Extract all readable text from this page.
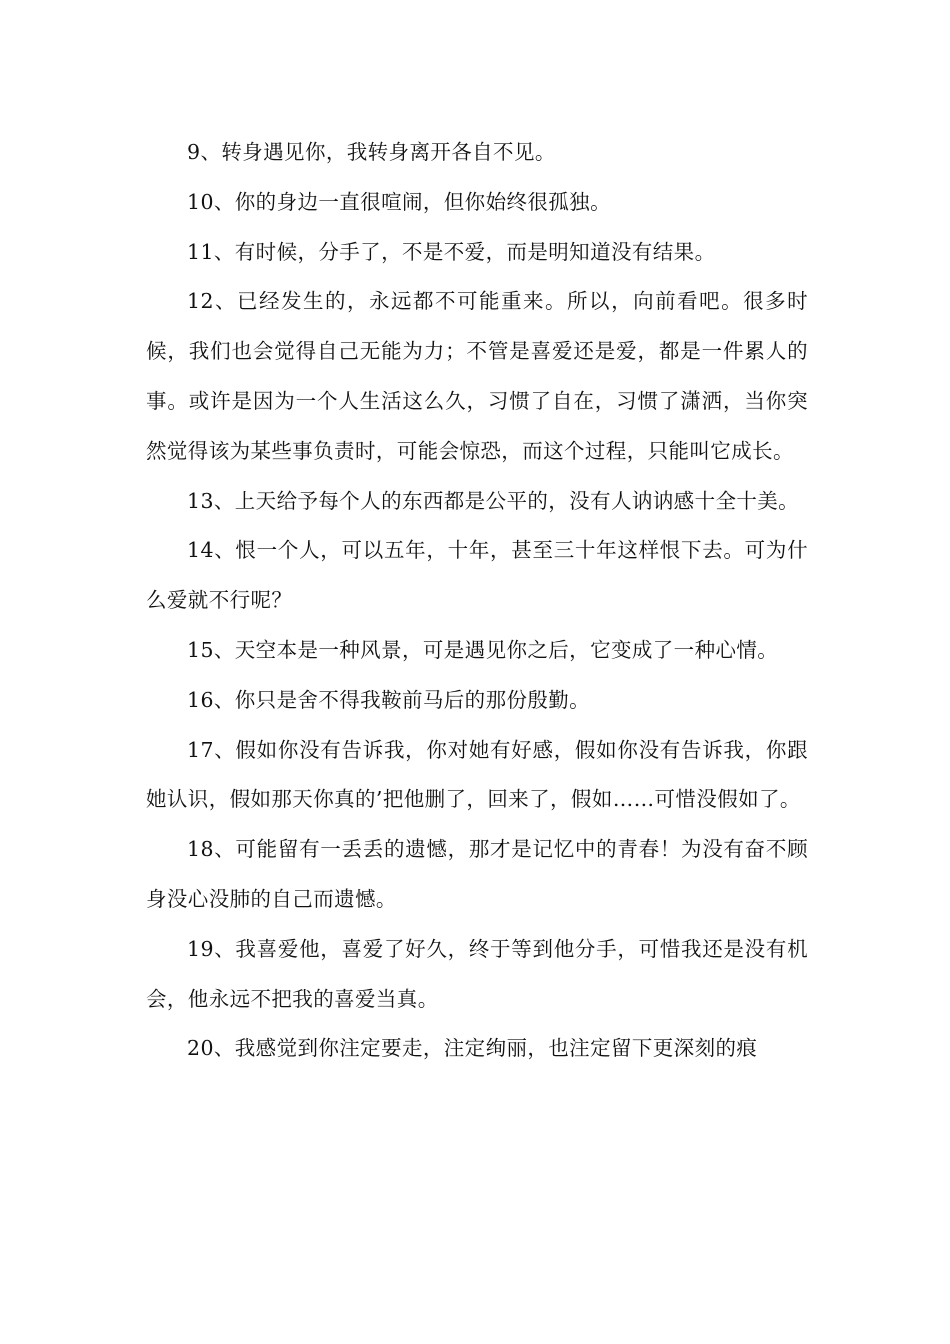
9、转身遇见你，我转身离开各自不见。

10、你的身边一直很喧闹，但你始终很孤独。

11、有时候，分手了，不是不爱，而是明知道没有结果。

12、已经发生的，永远都不可能重来。所以，向前看吧。很多时候，我们也会觉得自己无能为力；不管是喜爱还是爱，都是一件累人的事。或许是因为一个人生活这么久，习惯了自在，习惯了潇洒，当你突然觉得该为某些事负责时，可能会惊恐，而这个过程，只能叫它成长。

13、上天给予每个人的东西都是公平的，没有人讷讷感十全十美。

14、恨一个人，可以五年，十年，甚至三十年这样恨下去。可为什么爱就不行呢？

15、天空本是一种风景，可是遇见你之后，它变成了一种心情。

16、你只是舍不得我鞍前马后的那份殷勤。

17、假如你没有告诉我，你对她有好感，假如你没有告诉我，你跟她认识，假如那天你真的’把他删了，回来了，假如……可惜没假如了。

18、可能留有一丢丢的遗憾，那才是记忆中的青春！为没有奋不顾身没心没肺的自己而遗憾。

19、我喜爱他，喜爱了好久，终于等到他分手，可惜我还是没有机会，他永远不把我的喜爱当真。

20、我感觉到你注定要走，注定绚丽，也注定留下更深刻的痕
